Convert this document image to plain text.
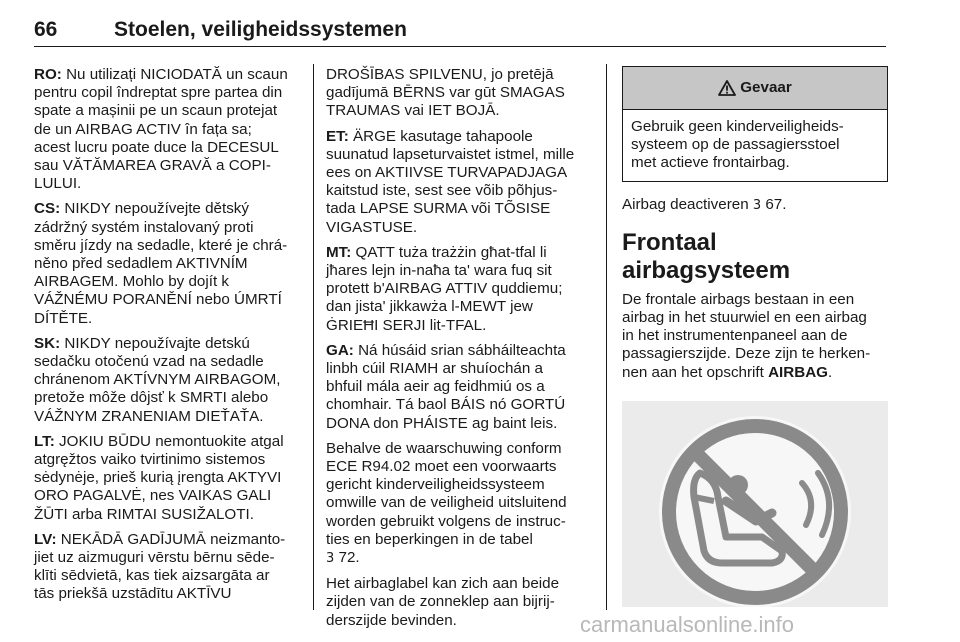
66	Stoelen, veiligheidssystemen
RO: Nu utilizați NICIODATĂ un scaun
pentru copil îndreptat spre partea din
spate a mașinii pe un scaun protejat
de un AIRBAG ACTIV în fața sa;
acest lucru poate duce la DECESUL
sau VĂTĂMAREA GRAVĂ a COPI-
LULUI.
CS: NIKDY nepoužívejte dětský
zádržný systém instalovaný proti
směru jízdy na sedadle, které je chrá-
něno před sedadlem AKTIVNÍM
AIRBAGEM. Mohlo by dojít k
VÁŽNÉMU PORANĚNÍ nebo ÚMRTÍ
DÍTĚTE.
SK: NIKDY nepoužívajte detskú
sedačku otočenú vzad na sedadle
chránenom AKTÍVNYM AIRBAGOM,
pretože môže dôjsť k SMRTI alebo
VÁŽNYM ZRANENIAM DIEŤAŤA.
LT: JOKIU BŪDU nemontuokite atgal
atgręžtos vaiko tvirtinimo sistemos
sėdynėje, prieš kurią įrengta AKTYVI
ORO PAGALVĖ, nes VAIKAS GALI
ŽŪTI arba RIMTAI SUSIŽALOTI.
LV: NEKĀDĀ GADĪJUMĀ neizmanto-
jiet uz aizmuguri vērstu bērnu sēde-
klīti sēdvietā, kas tiek aizsargāta ar
tās priekšā uzstādītu AKTĪVU
DROŠĪBAS SPILVENU, jo pretējā
gadījumā BĒRNS var gūt SMAGAS
TRAUMAS vai IET BOJĀ.
ET: ÄRGE kasutage tahapoole
suunatud lapseturvaistet istmel, mille
ees on AKTIIVSE TURVAPADJAGA
kaitstud iste, sest see võib põhjus-
tada LAPSE SURMA või TÕSISE
VIGASTUSE.
MT: QATT tuża trażżin għat-tfal li
jħares lejn in-naħa ta' wara fuq sit
protett b'AIRBAG ATTIV quddiemu;
dan jista' jikkawża l-MEWT jew
ĠRIEĦI SERJI lit-TFAL.
GA: Ná húsáid srian sábháilteachta
linbh cúil RIAMH ar shuíochán a
bhfuil mála aeir ag feidhmiú os a
chomhair. Tá baol BÁIS nó GORTÚ
DONA don PHÁISTE ag baint leis.
Behalve de waarschuwing conform
ECE R94.02 moet een voorwaarts
gericht kinderveiligheidssysteem
omwille van de veiligheid uitsluitend
worden gebruikt volgens de instruc-
ties en beperkingen in de tabel
3 72.
Het airbaglabel kan zich aan beide
zijden van de zonneklep aan bijrij-
derszijde bevinden.
Gevaar
Gebruik geen kinderveiligheids-
systeem op de passagiersstoel
met actieve frontairbag.
Airbag deactiveren 3 67.
Frontaal airbagsysteem
De frontale airbags bestaan in een
airbag in het stuurwiel en een airbag
in het instrumentenpaneel aan de
passagierszijde. Deze zijn te herken-
nen aan het opschrift AIRBAG.
carmanualsonline.info
